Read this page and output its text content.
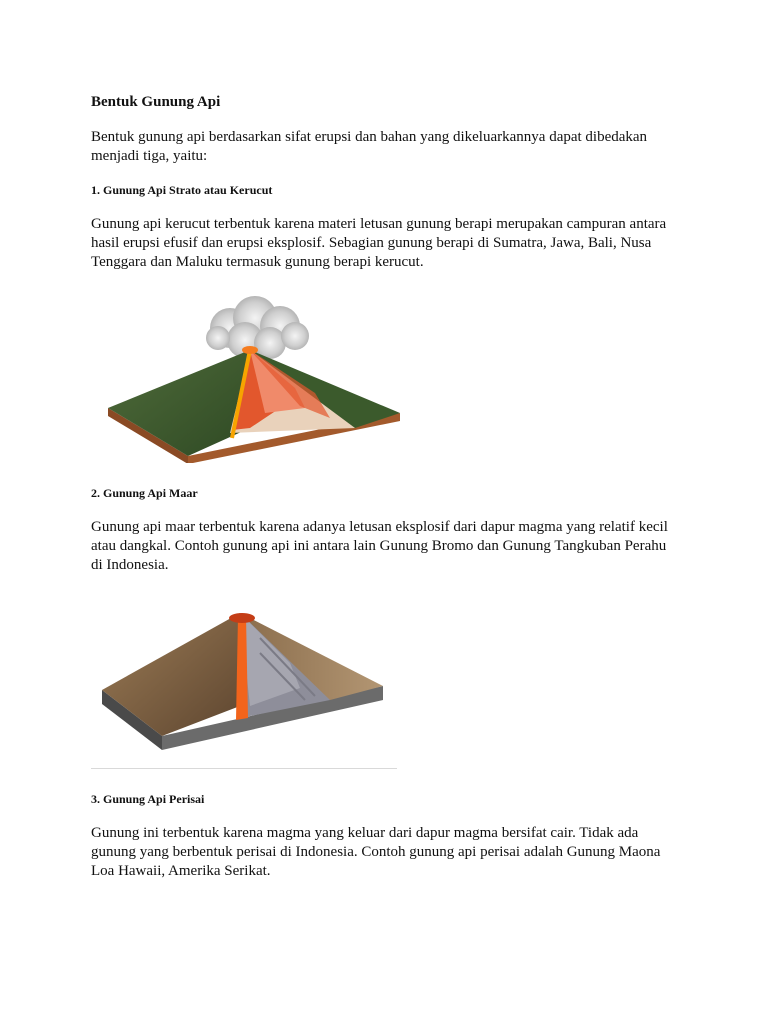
Bentuk Gunung Api
Bentuk gunung api berdasarkan sifat erupsi dan bahan yang dikeluarkannya dapat dibedakan menjadi tiga, yaitu:
1. Gunung Api Strato atau Kerucut
Gunung api kerucut terbentuk karena materi letusan gunung berapi merupakan campuran antara hasil erupsi efusif dan erupsi eksplosif. Sebagian gunung berapi di Sumatra, Jawa, Bali, Nusa Tenggara dan Maluku termasuk gunung berapi kerucut.
2. Gunung Api Maar
Gunung api maar terbentuk karena adanya letusan eksplosif dari dapur magma yang relatif kecil atau dangkal. Contoh gunung api ini antara lain Gunung Bromo dan Gunung Tangkuban Perahu di Indonesia.
3. Gunung Api Perisai
Gunung ini terbentuk karena magma yang keluar dari dapur magma bersifat cair. Tidak ada gunung yang berbentuk perisai di Indonesia. Contoh gunung api perisai adalah Gunung Maona Loa Hawaii, Amerika Serikat.
